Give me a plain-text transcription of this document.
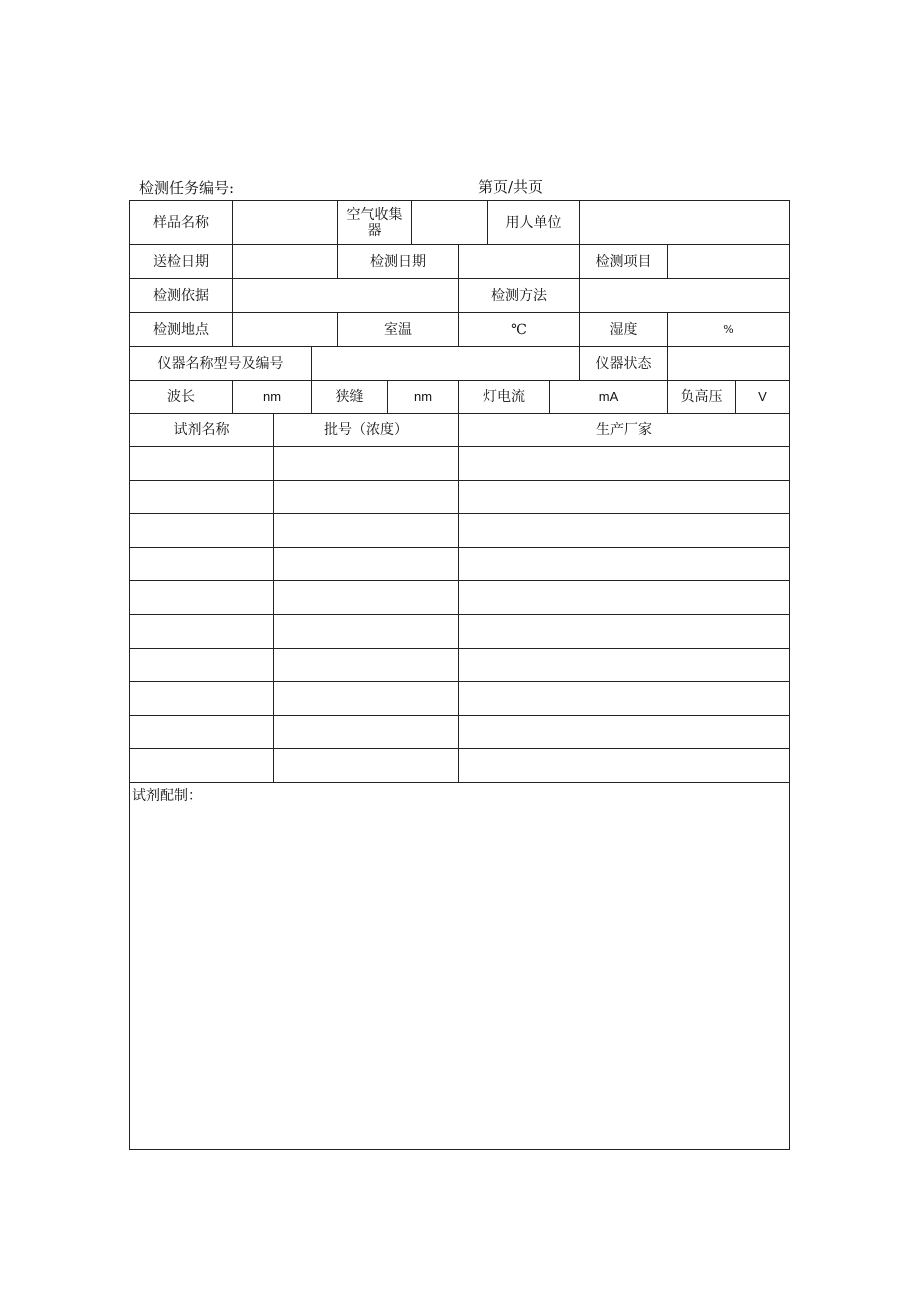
检测任务编号:	第页/共页
样品名称	空气收集器	用人单位
送检日期	检测日期	检测项目
检测依据	检测方法
检测地点	室温	℃	湿度	%
仪器名称型号及编号	仪器状态
波长	nm	狭缝	nm	灯电流	mA	负高压	V
试剂名称	批号（浓度）	生产厂家
试剂配制：
